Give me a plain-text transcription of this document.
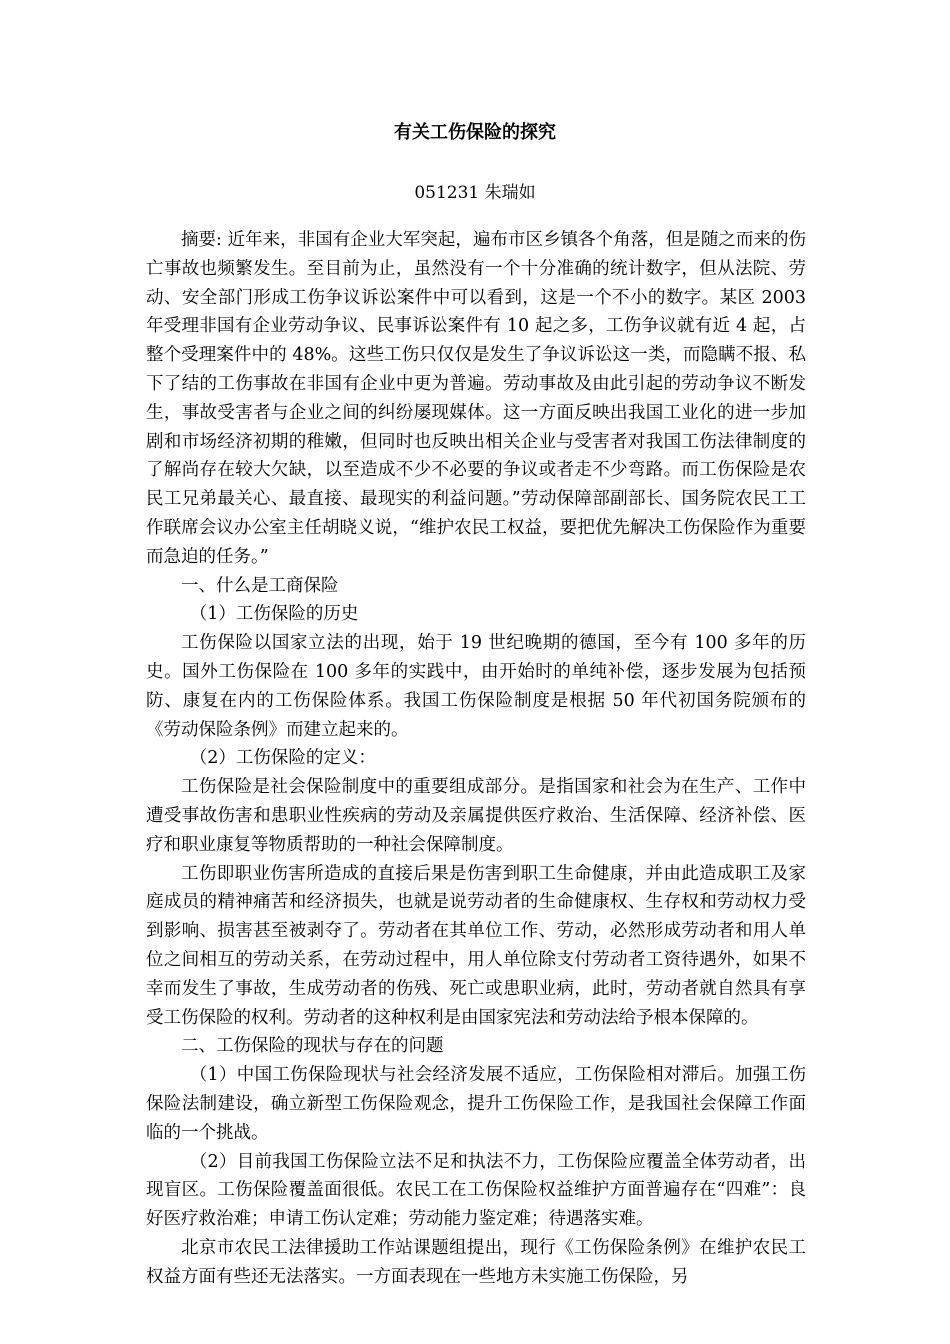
有关工伤保险的探究
051231 朱瑞如

摘要: 近年来，非国有企业大军突起，遍布市区乡镇各个角落，但是随之而来的伤亡事故也频繁发生。至目前为止，虽然没有一个十分准确的统计数字，但从法院、劳动、安全部门形成工伤争议诉讼案件中可以看到，这是一个不小的数字。某区 2003 年受理非国有企业劳动争议、民事诉讼案件有 10 起之多，工伤争议就有近 4 起，占整个受理案件中的 48%。这些工伤只仅仅是发生了争议诉讼这一类，而隐瞒不报、私下了结的工伤事故在非国有企业中更为普遍。劳动事故及由此引起的劳动争议不断发生，事故受害者与企业之间的纠纷屡现媒体。这一方面反映出我国工业化的进一步加剧和市场经济初期的稚嫩，但同时也反映出相关企业与受害者对我国工伤法律制度的了解尚存在较大欠缺，以至造成不少不必要的争议或者走不少弯路。而工伤保险是农民工兄弟最关心、最直接、最现实的利益问题。”劳动保障部副部长、国务院农民工工作联席会议办公室主任胡晓义说，“维护农民工权益，要把优先解决工伤保险作为重要而急迫的任务。”

一、什么是工商保险

（1）工伤保险的历史

工伤保险以国家立法的出现，始于 19 世纪晚期的德国，至今有 100 多年的历史。国外工伤保险在 100 多年的实践中，由开始时的单纯补偿，逐步发展为包括预防、康复在内的工伤保险体系。我国工伤保险制度是根据 50 年代初国务院颁布的《劳动保险条例》而建立起来的。

（2）工伤保险的定义：

工伤保险是社会保险制度中的重要组成部分。是指国家和社会为在生产、工作中遭受事故伤害和患职业性疾病的劳动及亲属提供医疗救治、生活保障、经济补偿、医疗和职业康复等物质帮助的一种社会保障制度。

工伤即职业伤害所造成的直接后果是伤害到职工生命健康，并由此造成职工及家庭成员的精神痛苦和经济损失，也就是说劳动者的生命健康权、生存权和劳动权力受到影响、损害甚至被剥夺了。劳动者在其单位工作、劳动，必然形成劳动者和用人单位之间相互的劳动关系，在劳动过程中，用人单位除支付劳动者工资待遇外，如果不幸而发生了事故，生成劳动者的伤残、死亡或患职业病，此时，劳动者就自然具有享受工伤保险的权利。劳动者的这种权利是由国家宪法和劳动法给予根本保障的。

二、工伤保险的现状与存在的问题

（1）中国工伤保险现状与社会经济发展不适应，工伤保险相对滞后。加强工伤保险法制建设，确立新型工伤保险观念，提升工伤保险工作，是我国社会保障工作面临的一个挑战。

（2）目前我国工伤保险立法不足和执法不力，工伤保险应覆盖全体劳动者，出现盲区。工伤保险覆盖面很低。农民工在工伤保险权益维护方面普遍存在“四难”：良好医疗救治难；申请工伤认定难；劳动能力鉴定难；待遇落实难。

北京市农民工法律援助工作站课题组提出，现行《工伤保险条例》在维护农民工权益方面有些还无法落实。一方面表现在一些地方未实施工伤保险，另
